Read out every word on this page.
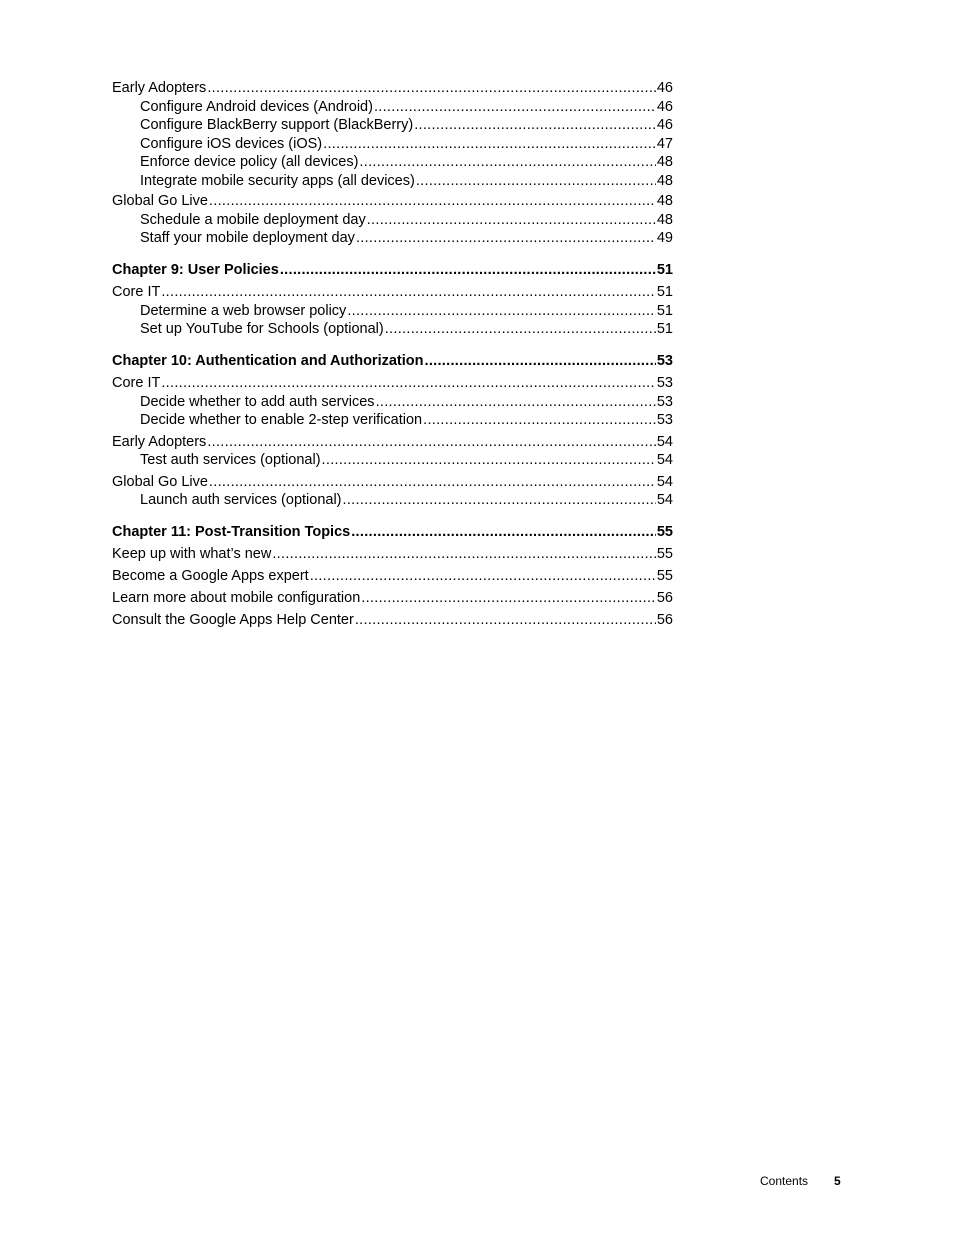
Early Adopters .....	46
Configure Android devices (Android) .....	46
Configure BlackBerry support (BlackBerry) .....	46
Configure iOS devices (iOS) .....	47
Enforce device policy (all devices) .....	48
Integrate mobile security apps (all devices) .....	48
Global Go Live .....	48
Schedule a mobile deployment day .....	48
Staff your mobile deployment day .....	49
Chapter 9: User Policies .....	51
Core IT .....	51
Determine a web browser policy .....	51
Set up YouTube for Schools (optional) .....	51
Chapter 10: Authentication and Authorization .....	53
Core IT .....	53
Decide whether to add auth services .....	53
Decide whether to enable 2-step verification .....	53
Early Adopters .....	54
Test auth services (optional) .....	54
Global Go Live .....	54
Launch auth services (optional) .....	54
Chapter 11: Post-Transition Topics .....	55
Keep up with what’s new .....	55
Become a Google Apps expert .....	55
Learn more about mobile configuration .....	56
Consult the Google Apps Help Center .....	56
Contents 5
